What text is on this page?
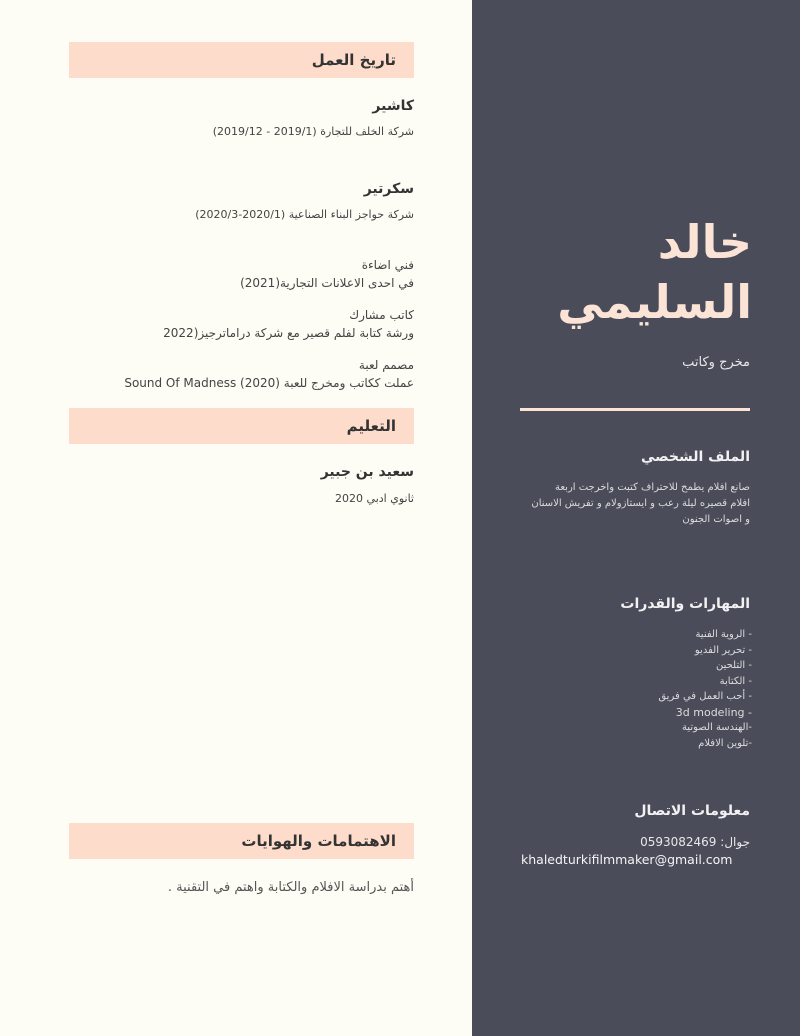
خالد
السليمي
مخرج وكاتب
الملف الشخصي
صانع افلام يطمح للاحتراف كتبت واخرجت اربعة
افلام قصيره ليلة رعب و ايستازولام و تفريش الاسنان
و اصوات الجنون
المهارات والقدرات
- الروية الفنية
- تحرير الفديو
- التلحين
- الكتابة
- أحب العمل في فريق
3d modeling -
-الهندسة الصوتية
-تلوين الافلام
معلومات الاتصال
جوال: 0593082469
khaledturkifilmmaker@gmail.com
تاريخ العمل
كاشير
شركة الخلف للتجارة (2019/1 - 2019/12)
سكرتير
شركة حواجز البناء الصناعية (2020/1-2020/3)
فني اضاءة
في احدى الاعلانات التجارية(2021)
كاتب مشارك
ورشة كتابة لفلم قصير مع شركة دراماترجيز(2022
مصمم لعبة
عملت ككاتب ومخرج للعبة (Sound Of Madness (2020
التعليم
سعيد بن جبير
ثانوي ادبي 2020
الاهتمامات والهوايات
أهتم بدراسة الافلام والكتابة واهتم في التقنية .
